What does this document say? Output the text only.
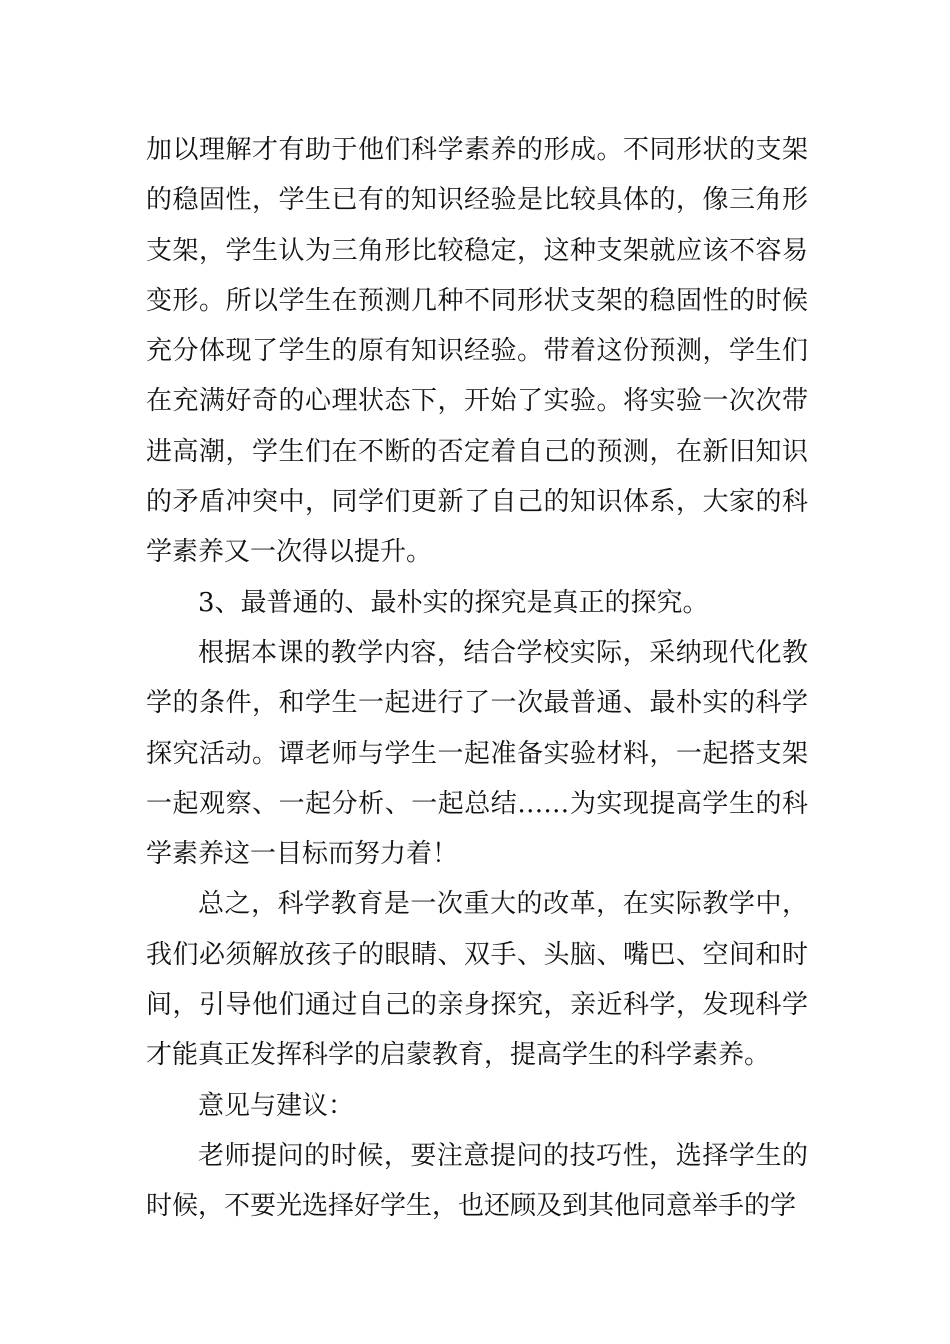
加以理解才有助于他们科学素养的形成。不同形状的支架的稳固性，学生已有的知识经验是比较具体的，像三角形支架，学生认为三角形比较稳定，这种支架就应该不容易变形。所以学生在预测几种不同形状支架的稳固性的时候充分体现了学生的原有知识经验。带着这份预测，学生们在充满好奇的心理状态下，开始了实验。将实验一次次带进高潮，学生们在不断的否定着自己的预测，在新旧知识的矛盾冲突中，同学们更新了自己的知识体系，大家的科学素养又一次得以提升。

3、最普通的、最朴实的探究是真正的探究。

根据本课的教学内容，结合学校实际，采纳现代化教学的条件，和学生一起进行了一次最普通、最朴实的科学探究活动。谭老师与学生一起准备实验材料，一起搭支架一起观察、一起分析、一起总结……为实现提高学生的科学素养这一目标而努力着！

总之，科学教育是一次重大的改革，在实际教学中，我们必须解放孩子的眼睛、双手、头脑、嘴巴、空间和时间，引导他们通过自己的亲身探究，亲近科学，发现科学才能真正发挥科学的启蒙教育，提高学生的科学素养。

意见与建议：

老师提问的时候，要注意提问的技巧性，选择学生的时候，不要光选择好学生，也还顾及到其他同意举手的学
